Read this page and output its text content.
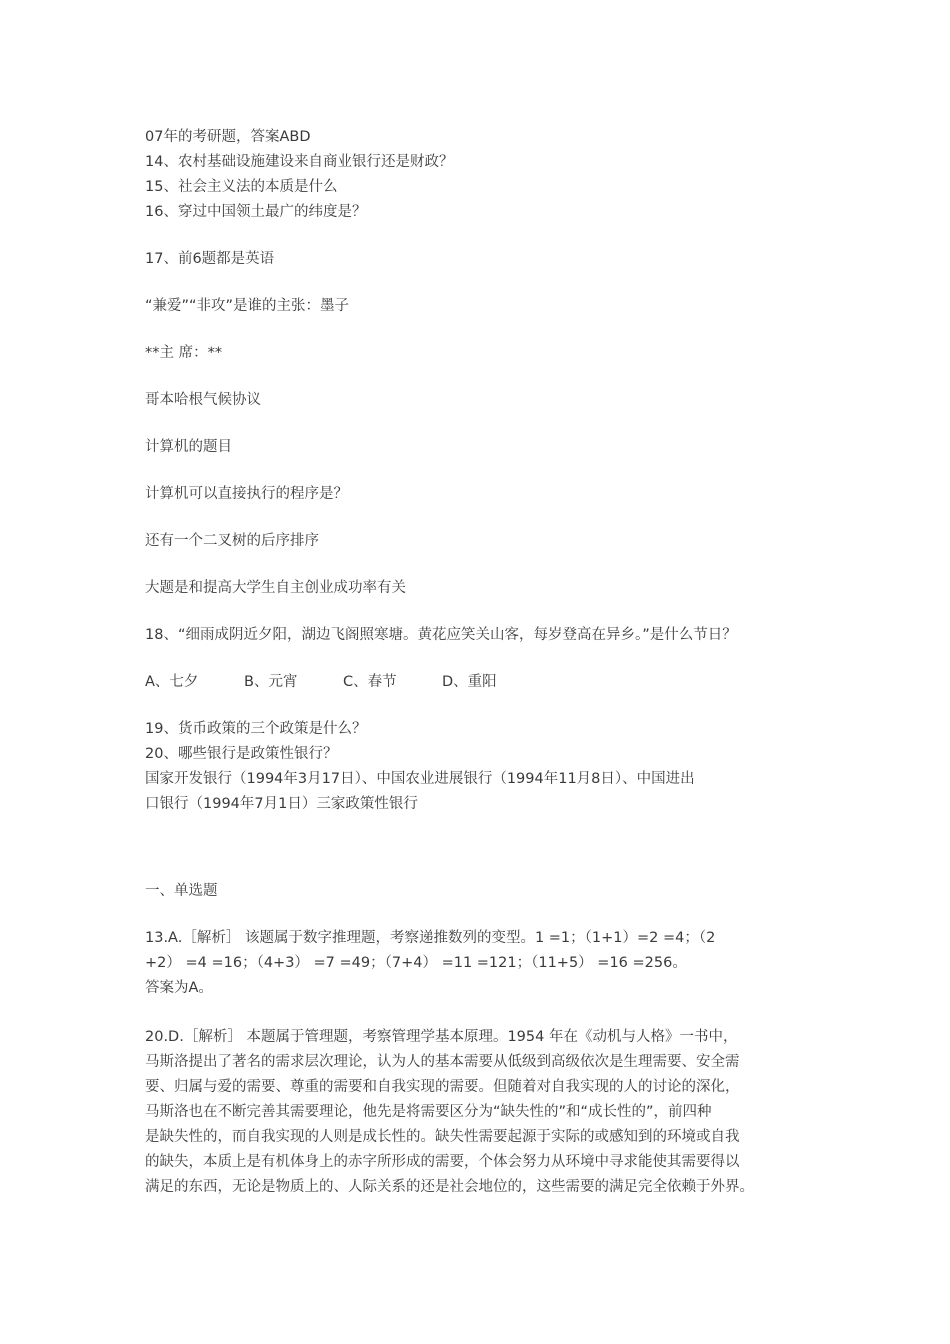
07年的考研题，答案ABD
14、农村基础设施建设来自商业银行还是财政？
15、社会主义法的本质是什么
16、穿过中国领土最广的纬度是？
17、前6题都是英语
“兼爱”“非攻”是谁的主张：墨子
**主 席：**
哥本哈根气候协议
计算机的题目
计算机可以直接执行的程序是？
还有一个二叉树的后序排序
大题是和提高大学生自主创业成功率有关
18、“细雨成阴近夕阳，湖边飞阁照寒塘。黄花应笑关山客，每岁登高在异乡。”是什么节日？
A、七夕	B、元宵	C、春节	D、重阳
19、货币政策的三个政策是什么？
20、哪些银行是政策性银行？
国家开发银行（1994年3月17日）、中国农业进展银行（1994年11月8日）、中国进出
口银行（1994年7月1日）三家政策性银行
一、单选题
13.A.［解析］ 该题属于数字推理题，考察递推数列的变型。1 =1；（1+1）=2 =4；（2
+2） =4 =16；（4+3） =7 =49；（7+4） =11 =121；（11+5） =16 =256。
答案为A。
20.D.［解析］ 本题属于管理题，考察管理学基本原理。1954 年在《动机与人格》一书中，
马斯洛提出了著名的需求层次理论，认为人的基本需要从低级到高级依次是生理需要、安全需
要、归属与爱的需要、尊重的需要和自我实现的需要。但随着对自我实现的人的讨论的深化，
马斯洛也在不断完善其需要理论，他先是将需要区分为“缺失性的”和“成长性的”，前四种
是缺失性的，而自我实现的人则是成长性的。缺失性需要起源于实际的或感知到的环境或自我
的缺失，本质上是有机体身上的赤字所形成的需要，个体会努力从环境中寻求能使其需要得以
满足的东西，无论是物质上的、人际关系的还是社会地位的，这些需要的满足完全依赖于外界。
